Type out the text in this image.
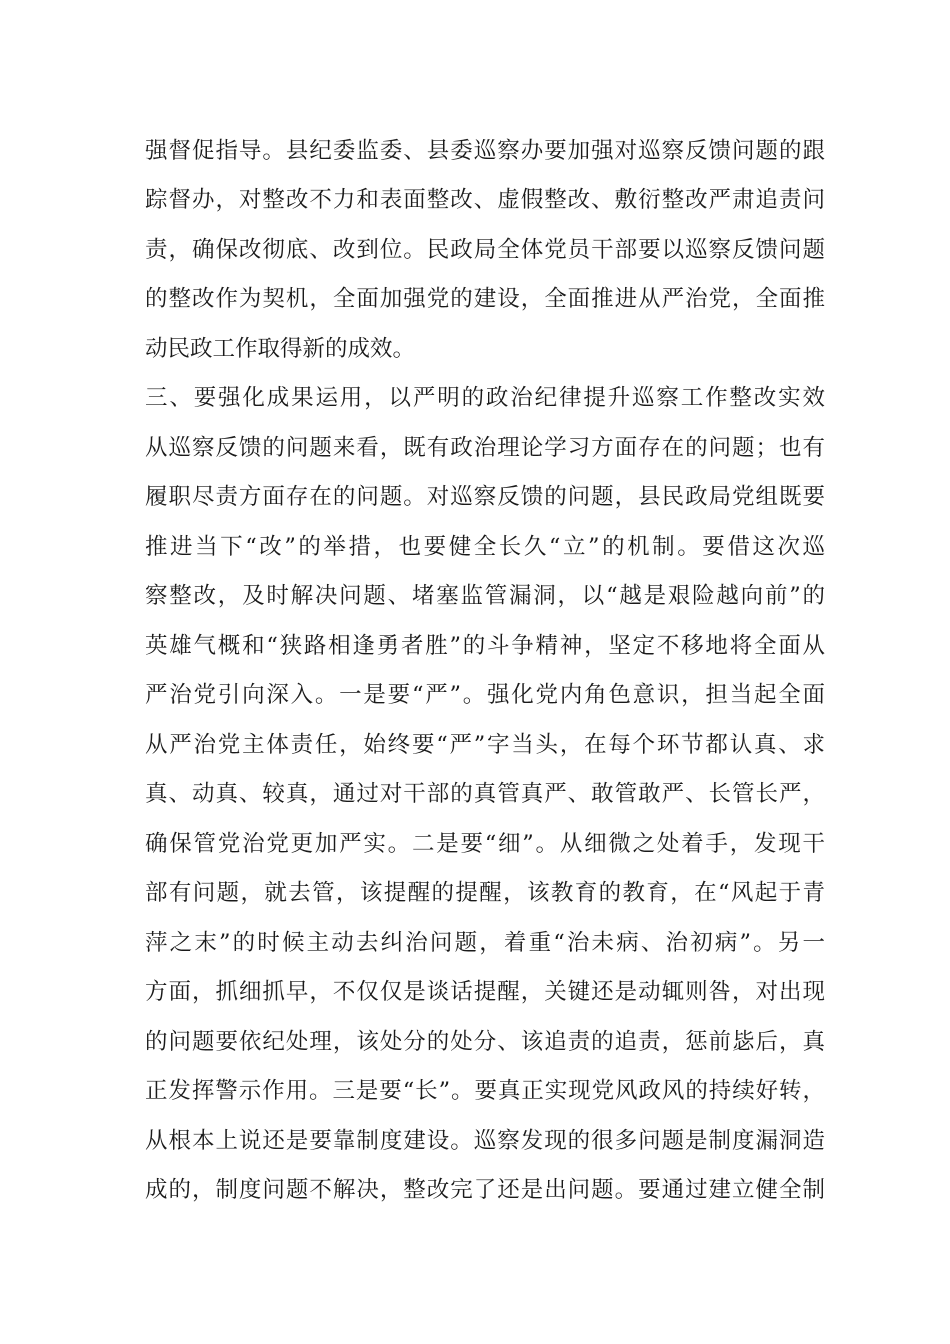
强督促指导。县纪委监委、县委巡察办要加强对巡察反馈问题的跟
踪督办，对整改不力和表面整改、虚假整改、敷衍整改严肃追责问
责，确保改彻底、改到位。民政局全体党员干部要以巡察反馈问题
的整改作为契机，全面加强党的建设，全面推进从严治党，全面推
动民政工作取得新的成效。
三、要强化成果运用，以严明的政治纪律提升巡察工作整改实效
从巡察反馈的问题来看，既有政治理论学习方面存在的问题；也有
履职尽责方面存在的问题。对巡察反馈的问题，县民政局党组既要
推进当下“改”的举措，也要健全长久“立”的机制。要借这次巡
察整改，及时解决问题、堵塞监管漏洞，以“越是艰险越向前”的
英雄气概和“狭路相逢勇者胜”的斗争精神，坚定不移地将全面从
严治党引向深入。一是要“严”。强化党内角色意识，担当起全面
从严治党主体责任，始终要“严”字当头，在每个环节都认真、求
真、动真、较真，通过对干部的真管真严、敢管敢严、长管长严，
确保管党治党更加严实。二是要“细”。从细微之处着手，发现干
部有问题，就去管，该提醒的提醒，该教育的教育，在“风起于青
萍之末”的时候主动去纠治问题，着重“治未病、治初病”。另一
方面，抓细抓早，不仅仅是谈话提醒，关键还是动辄则咎，对出现
的问题要依纪处理，该处分的处分、该追责的追责，惩前毖后，真
正发挥警示作用。三是要“长”。要真正实现党风政风的持续好转，
从根本上说还是要靠制度建设。巡察发现的很多问题是制度漏洞造
成的，制度问题不解决，整改完了还是出问题。要通过建立健全制
